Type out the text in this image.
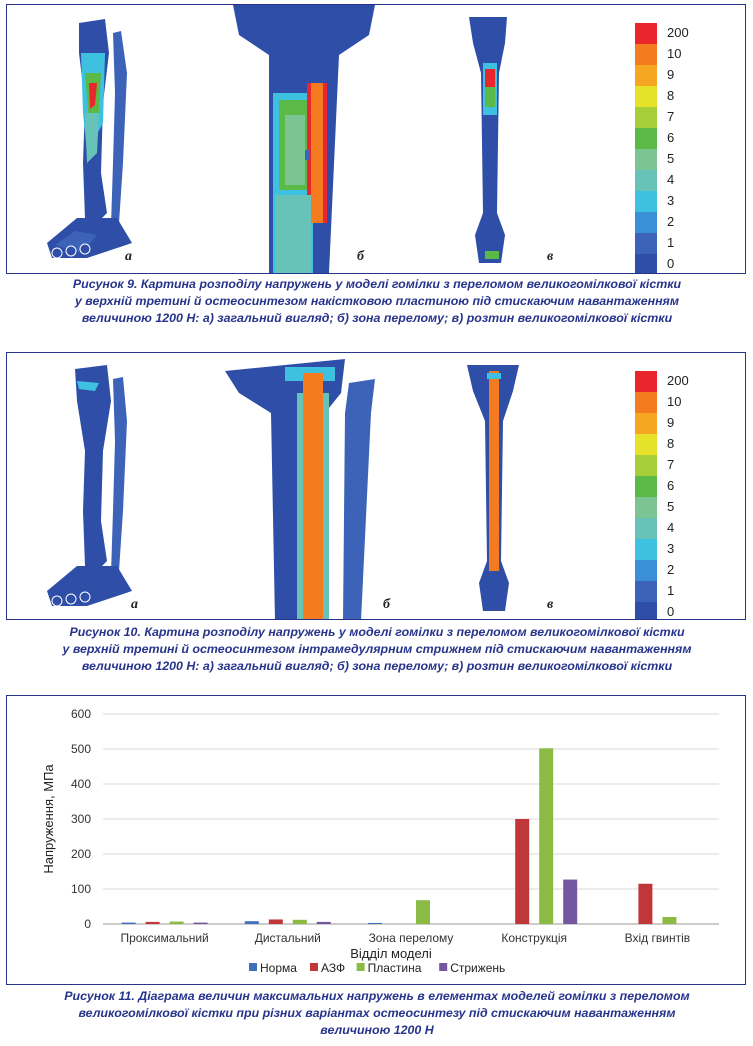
а	б	в
200
10
9
8
7
6
5
4
3
2
1
0

Рисунок 9. Картина розподілу напружень у моделі гомілки з переломом великогомілкової кістки

у верхній третині й остеосинтезом накістковою пластиною під стискаючим навантаженням

величиною 1200 Н: а) загальний вигляд; б) зона перелому; в) розтин великогомілкової кістки

а	б	в
200
10
9
8
7
6
5
4
3
2
1
0

Рисунок 10. Картина розподілу напружень у моделі гомілки з переломом великогомілкової кістки

у верхній третині й остеосинтезом інтрамедулярним стрижнем під стискаючим навантаженням

величиною 1200 Н: а) загальний вигляд; б) зона перелому; в) розтин великогомілкової кістки

0
100
200
300
400
500
600
Проксимальний	Дистальний	Зона перелому	Конструкція	Вхід гвинтів
Відділ моделі
Напруження, МПа
Норма АЗФ Пластина Стрижень

Рисунок 11. Діаграма величин максимальних напружень в елементах моделей гомілки з переломом

великогомілкової кістки при різних варіантах остеосинтезу під стискаючим навантаженням

величиною 1200 Н
